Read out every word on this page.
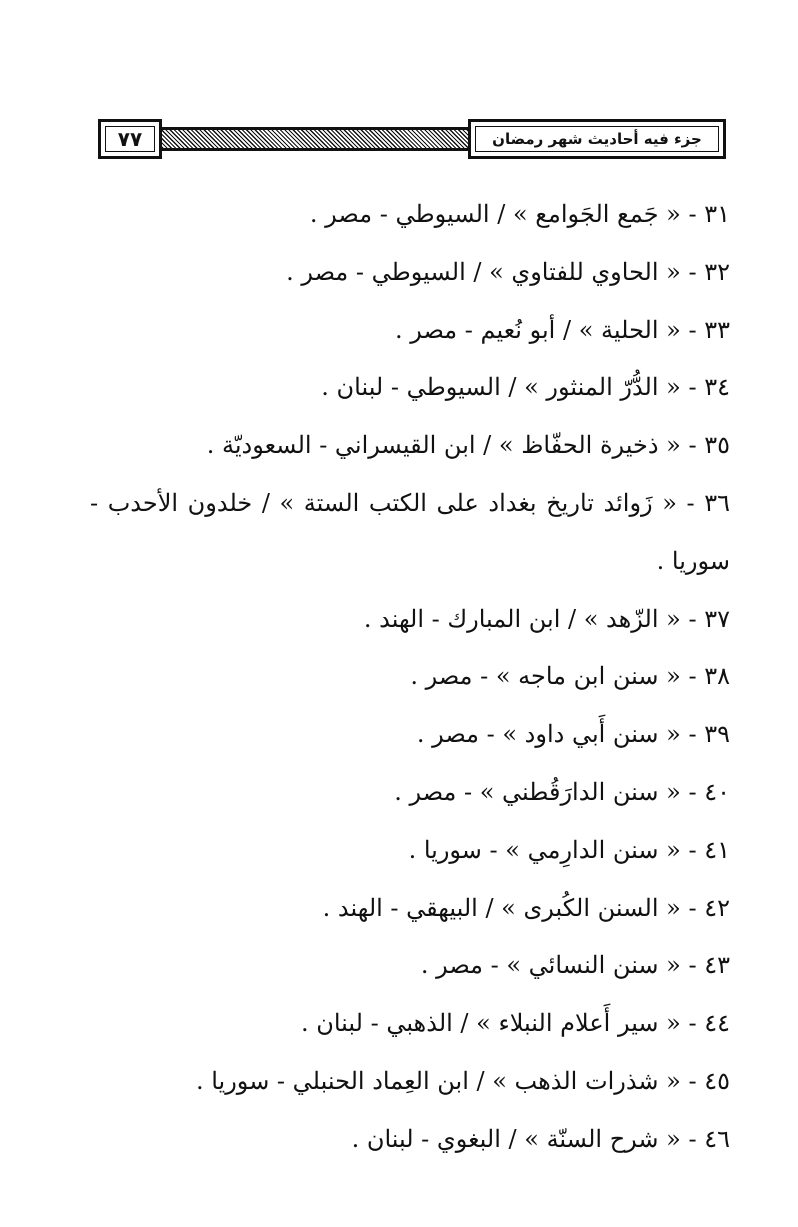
٧٧	جزء فيه أحاديث شهر رمضان
٣١ - « جَمع الجَوامع » / السيوطي - مصر .
٣٢ - « الحاوي للفتاوي » / السيوطي - مصر .
٣٣ - « الحلية » / أبو نُعيم - مصر .
٣٤ - « الدُّرّ المنثور » / السيوطي - لبنان .
٣٥ - « ذخيرة الحفّاظ » / ابن القيسراني - السعوديّة .
٣٦ - « زَوائد تاريخ بغداد على الكتب الستة » / خلدون الأحدب - سوريا .
٣٧ - « الزّهد » / ابن المبارك - الهند .
٣٨ - « سنن ابن ماجه » - مصر .
٣٩ - « سنن أَبي داود » - مصر .
٤٠ - « سنن الدارَقُطني » - مصر .
٤١ - « سنن الدارِمي » - سوريا .
٤٢ - « السنن الكُبرى » / البيهقي - الهند .
٤٣ - « سنن النسائي » - مصر .
٤٤ - « سير أَعلام النبلاء » / الذهبي - لبنان .
٤٥ - « شذرات الذهب » / ابن العِماد الحنبلي - سوريا .
٤٦ - « شرح السنّة » / البغوي - لبنان .
